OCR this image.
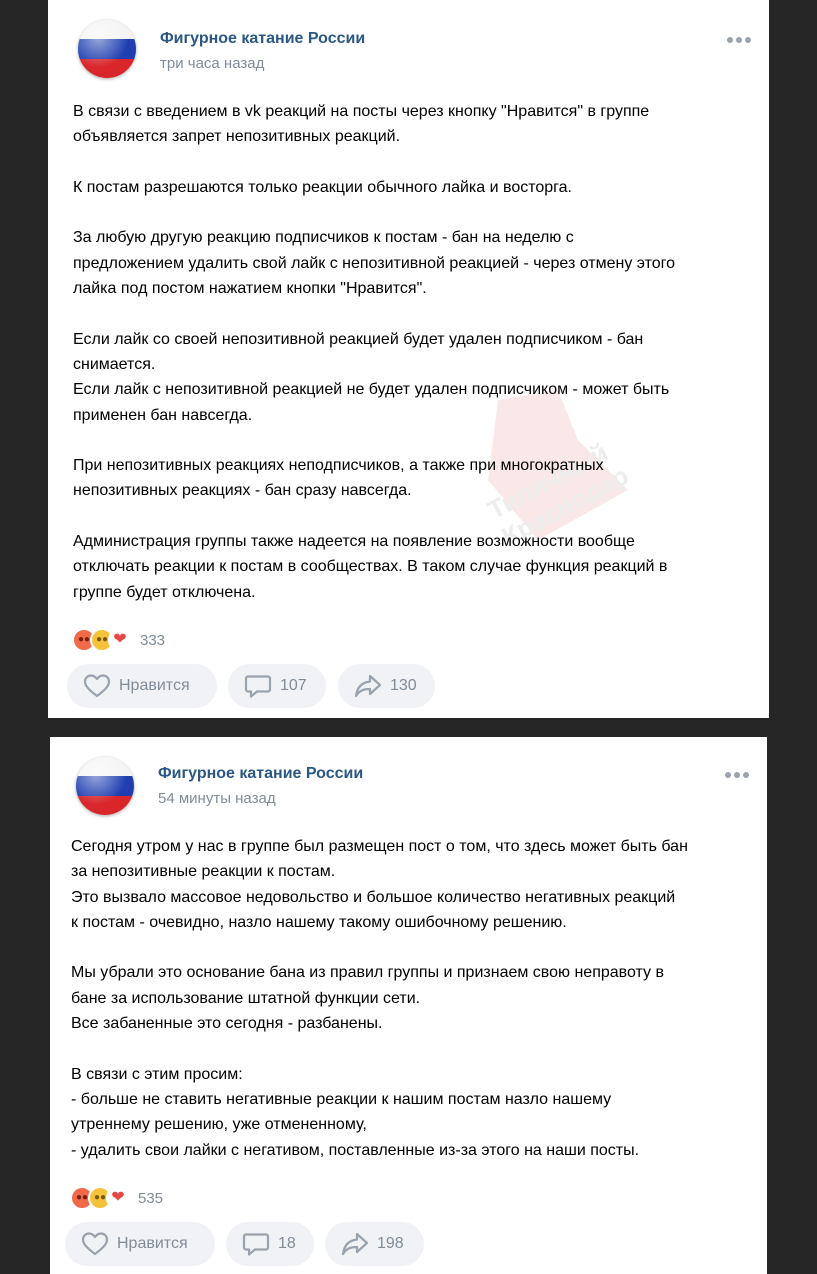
Фигурное катание России
три часа назад
Типичный Краснодар

В связи с введением в vk реакций на посты через кнопку "Нравится" в группе

объявляется запрет непозитивных реакций.

К постам разрешаются только реакции обычного лайка и восторга.

За любую другую реакцию подписчиков к постам - бан на неделю с

предложением удалить свой лайк с непозитивной реакцией - через отмену этого

лайка под постом нажатием кнопки "Нравится".

Если лайк со своей непозитивной реакцией будет удален подписчиком - бан

снимается.

Если лайк с непозитивной реакцией не будет удален подписчиком - может быть

применен бан навсегда.

При непозитивных реакциях неподписчиков, а также при многократных

непозитивных реакциях - бан сразу навсегда.

Администрация группы также надеется на появление возможности вообще

отключать реакции к постам в сообществах. В таком случае функция реакций в

группе будет отключена.

●● ●● ❤ 333
Нравится	107	130
Фигурное катание России
54 минуты назад

Сегодня утром у нас в группе был размещен пост о том, что здесь может быть бан

за непозитивные реакции к постам.

Это вызвало массовое недовольство и большое количество негативных реакций

к постам - очевидно, назло нашему такому ошибочному решению.

Мы убрали это основание бана из правил группы и признаем свою неправоту в

бане за использование штатной функции сети.

Все забаненные это сегодня - разбанены.

В связи с этим просим:

- больше не ставить негативные реакции к нашим постам назло нашему

утреннему решению, уже отмененному,

- удалить свои лайки с негативом, поставленные из-за этого на наши посты.

●● ●● ❤ 535
Нравится	18	198
